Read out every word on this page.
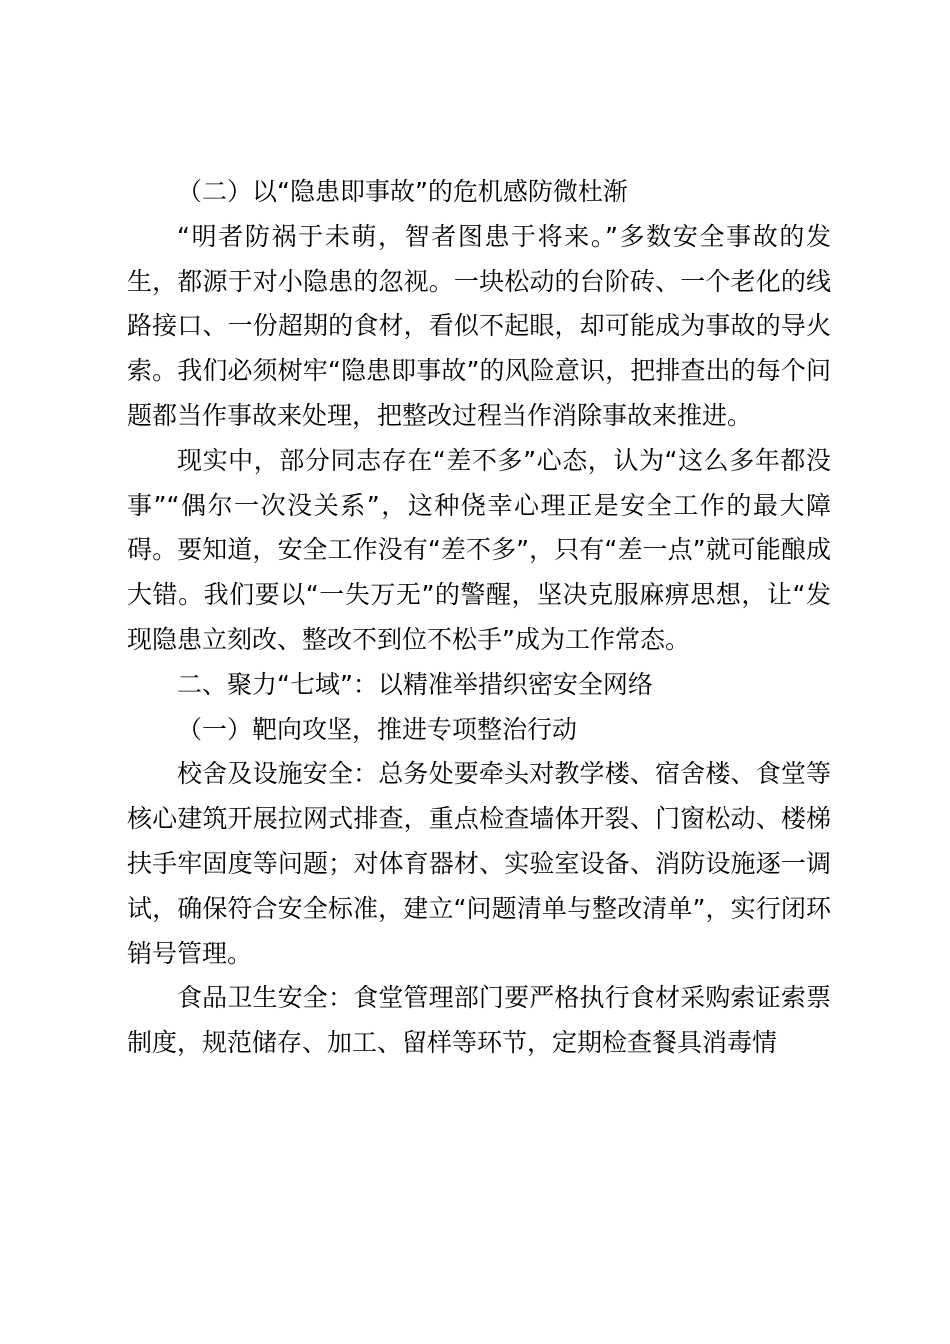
（二）以“隐患即事故”的危机感防微杜渐

“明者防祸于未萌，智者图患于将来。”多数安全事故的发生，都源于对小隐患的忽视。一块松动的台阶砖、一个老化的线路接口、一份超期的食材，看似不起眼，却可能成为事故的导火索。我们必须树牢“隐患即事故”的风险意识，把排查出的每个问题都当作事故来处理，把整改过程当作消除事故来推进。

现实中，部分同志存在“差不多”心态，认为“这么多年都没事”“偶尔一次没关系”，这种侥幸心理正是安全工作的最大障碍。要知道，安全工作没有“差不多”，只有“差一点”就可能酿成大错。我们要以“一失万无”的警醒，坚决克服麻痹思想，让“发现隐患立刻改、整改不到位不松手”成为工作常态。

二、聚力“七域”：以精准举措织密安全网络

（一）靶向攻坚，推进专项整治行动

校舍及设施安全：总务处要牵头对教学楼、宿舍楼、食堂等核心建筑开展拉网式排查，重点检查墙体开裂、门窗松动、楼梯扶手牢固度等问题；对体育器材、实验室设备、消防设施逐一调试，确保符合安全标准，建立“问题清单与整改清单”，实行闭环销号管理。

食品卫生安全：食堂管理部门要严格执行食材采购索证索票制度，规范储存、加工、留样等环节，定期检查餐具消毒情
